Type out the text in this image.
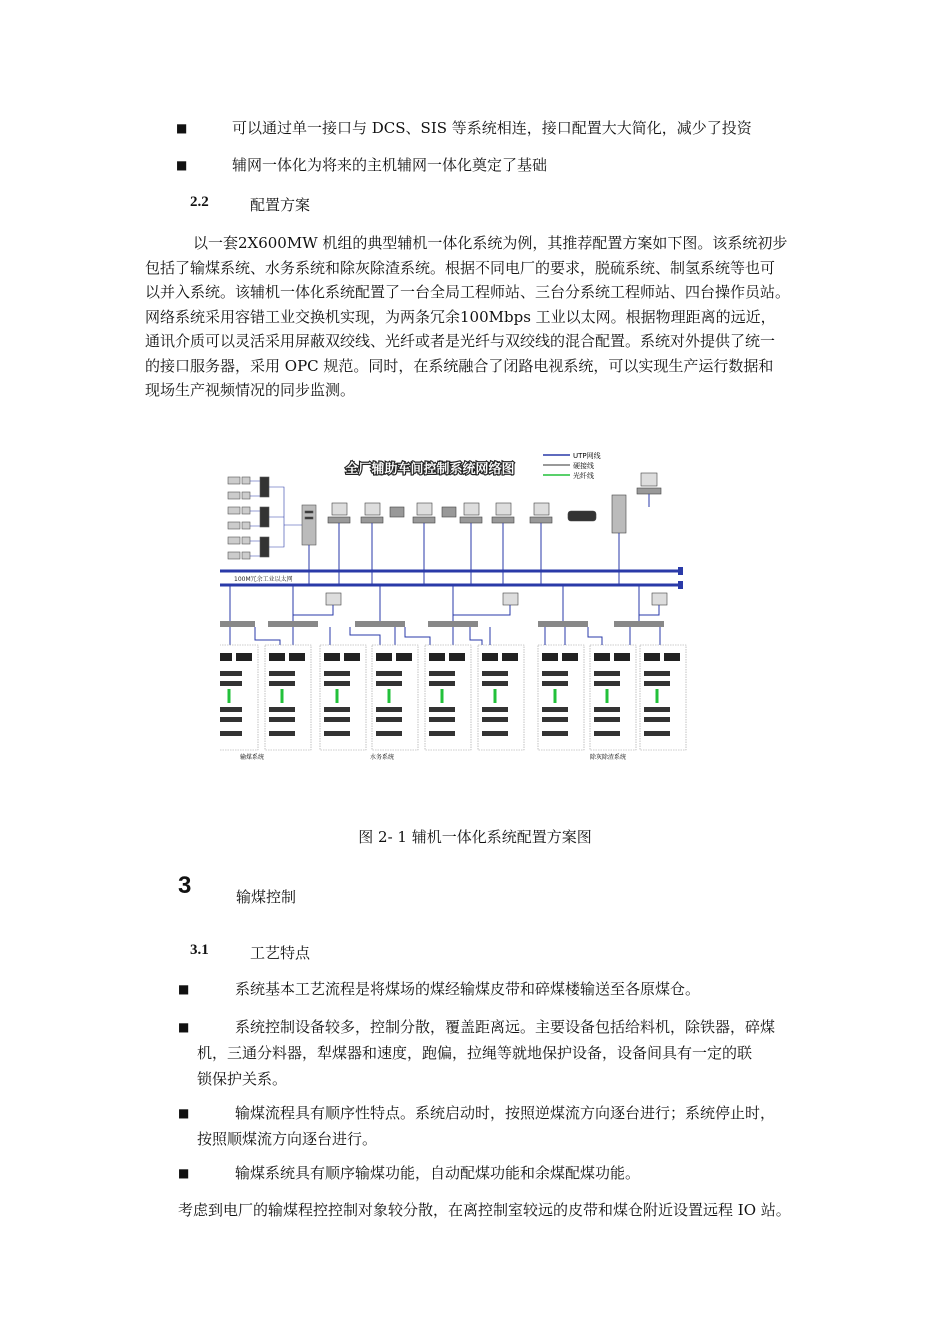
■	可以通过单一接口与 DCS、SIS 等系统相连，接口配置大大简化，减少了投资
■	辅网一体化为将来的主机辅网一体化奠定了基础
2.2	配置方案

以一套2X600MW 机组的典型辅机一体化系统为例，其推荐配置方案如下图。该系统初步

包括了输煤系统、水务系统和除灰除渣系统。根据不同电厂的要求，脱硫系统、制氢系统等也可

以并入系统。该辅机一体化系统配置了一台全局工程师站、三台分系统工程师站、四台操作员站。

网络系统采用容错工业交换机实现，为两条冗余100Mbps 工业以太网。根据物理距离的远近，

通讯介质可以灵活采用屏蔽双绞线、光纤或者是光纤与双绞线的混合配置。系统对外提供了统一

的接口服务器，采用 OPC 规范。同时，在系统融合了闭路电视系统，可以实现生产运行数据和

现场生产视频情况的同步监测。

全厂辅助车间控制系统网络图
UTP网线
硬接线
光纤线
100M冗余工业以太网
输煤系统	水务系统	除灰除渣系统
图 2- 1 辅机一体化系统配置方案图
3	输煤控制
3.1	工艺特点
■	系统基本工艺流程是将煤场的煤经输煤皮带和碎煤楼输送至各原煤仓。
■	系统控制设备较多，控制分散，覆盖距离远。主要设备包括给料机，除铁器，碎煤
机，三通分料器，犁煤器和速度，跑偏，拉绳等就地保护设备，设备间具有一定的联
锁保护关系。
■	输煤流程具有顺序性特点。系统启动时，按照逆煤流方向逐台进行；系统停止时，
按照顺煤流方向逐台进行。
■	输煤系统具有顺序输煤功能，自动配煤功能和余煤配煤功能。
考虑到电厂的输煤程控控制对象较分散，在离控制室较远的皮带和煤仓附近设置远程 IO 站。
